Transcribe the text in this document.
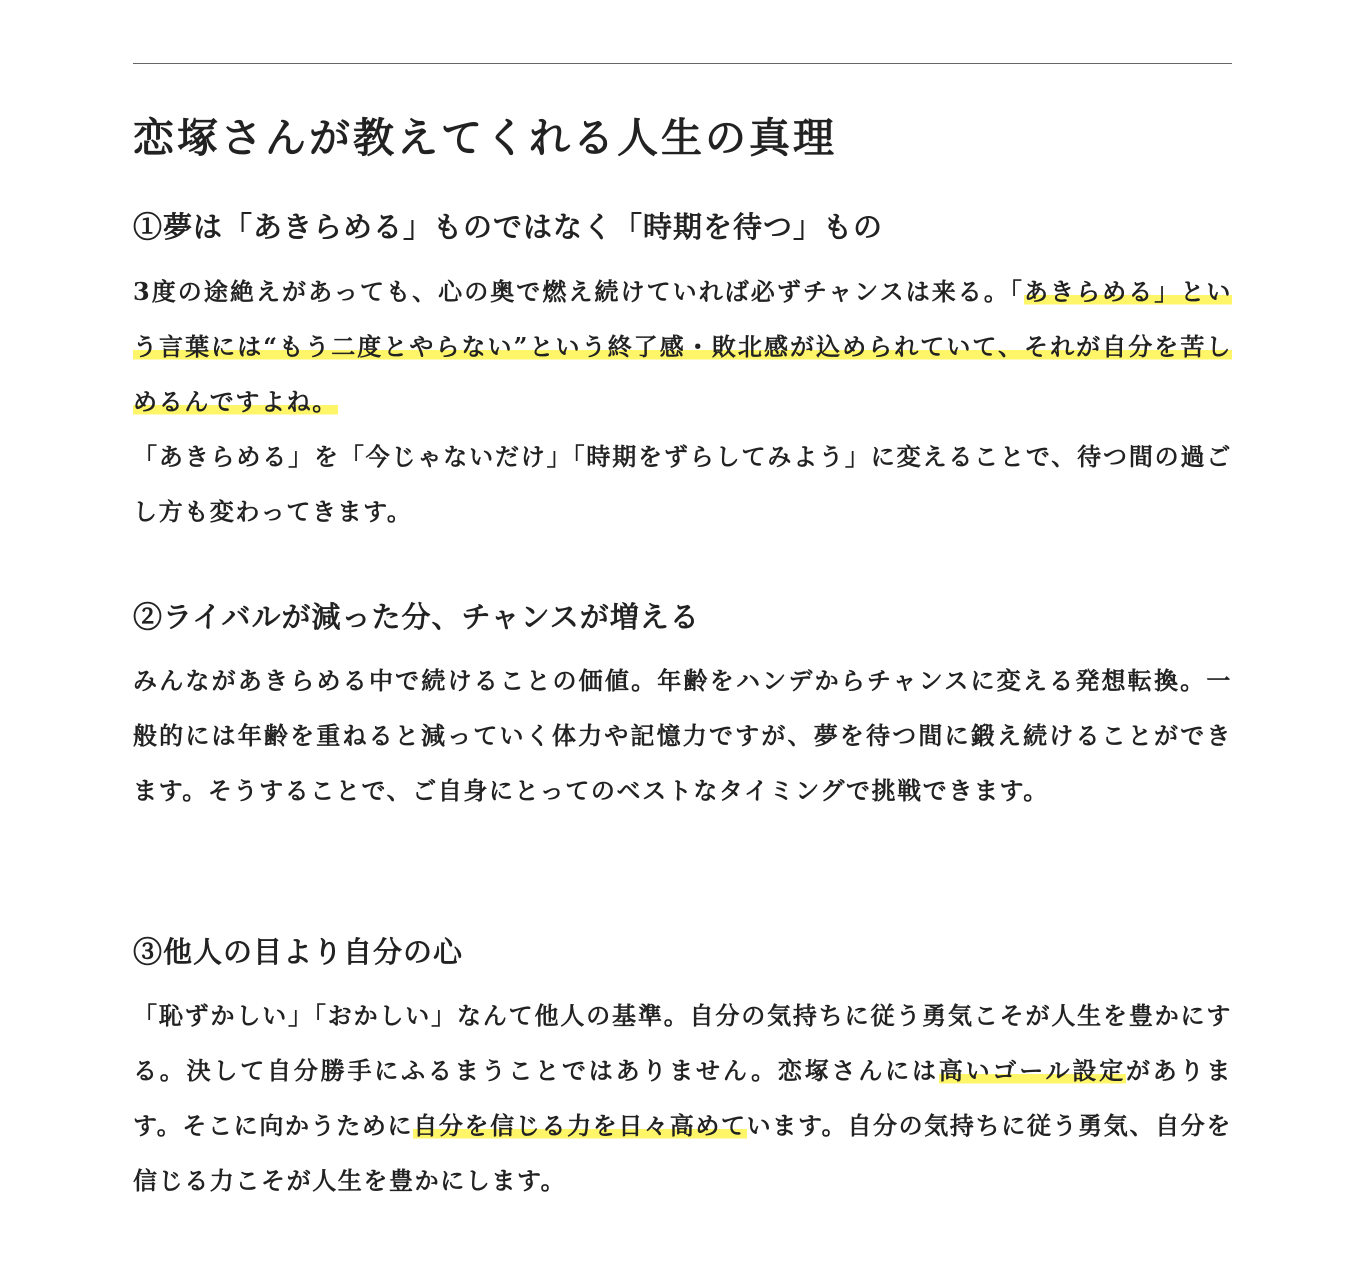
恋塚さんが教えてくれる人生の真理
①夢は「あきらめる」ものではなく「時期を待つ」もの

3度の途絶えがあっても、心の奥で燃え続けていれば必ずチャンスは来る。「あきらめる」という言葉には“もう二度とやらない”という終了感・敗北感が込められていて、それが自分を苦しめるんですよね。

「あきらめる」を「今じゃないだけ」「時期をずらしてみよう」に変えることで、待つ間の過ごし方も変わってきます。

②ライバルが減った分、チャンスが増える

みんながあきらめる中で続けることの価値。年齢をハンデからチャンスに変える発想転換。一般的には年齢を重ねると減っていく体力や記憶力ですが、夢を待つ間に鍛え続けることができます。そうすることで、ご自身にとってのベストなタイミングで挑戦できます。

③他人の目より自分の心

「恥ずかしい」「おかしい」なんて他人の基準。自分の気持ちに従う勇気こそが人生を豊かにする。決して自分勝手にふるまうことではありません。恋塚さんには高いゴール設定があります。そこに向かうために自分を信じる力を日々高めています。自分の気持ちに従う勇気、自分を信じる力こそが人生を豊かにします。
